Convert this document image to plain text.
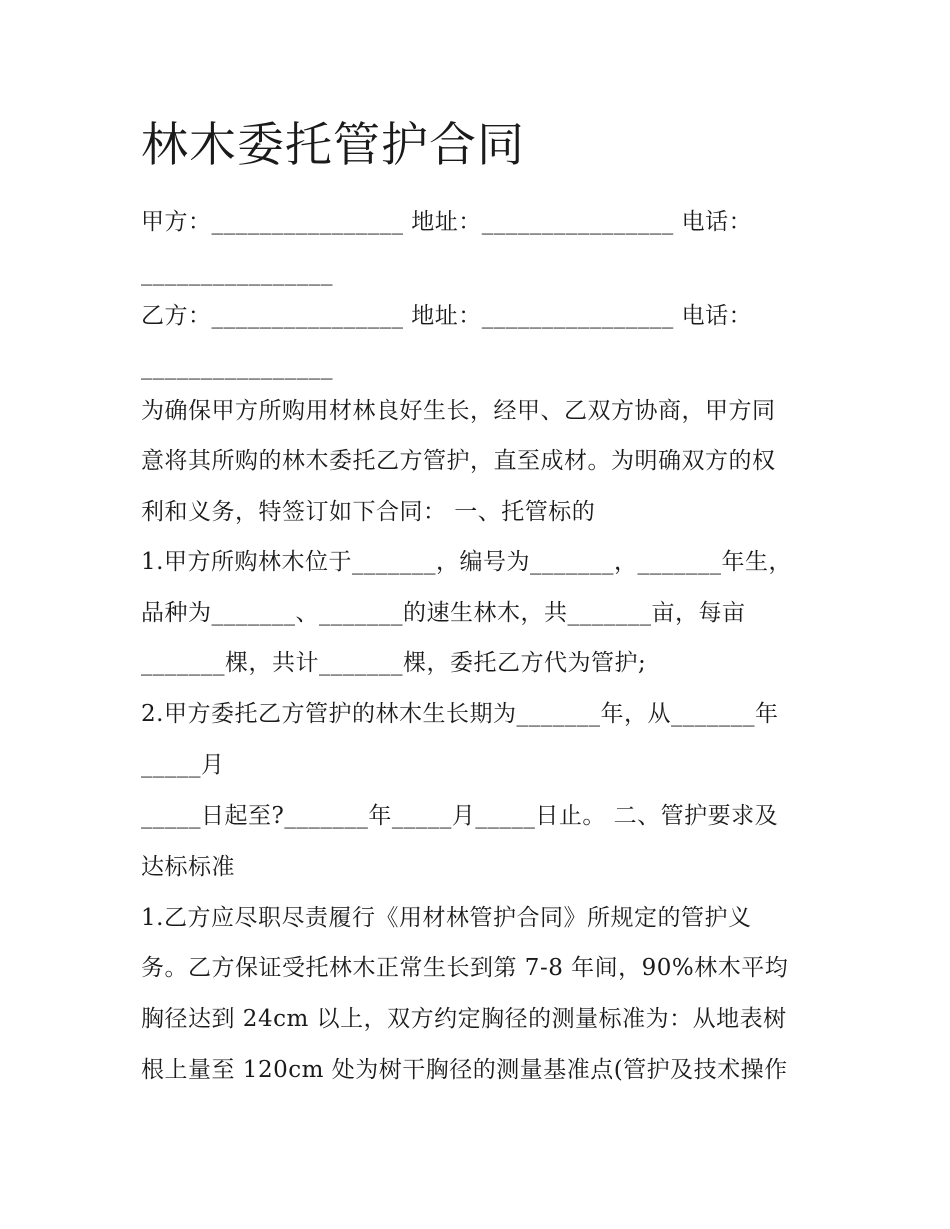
林木委托管护合同
甲方：________________ 地址：________________ 电话：
________________
乙方：________________ 地址：________________ 电话：
________________
为确保甲方所购用材林良好生长，经甲、乙双方协商，甲方同
意将其所购的林木委托乙方管护，直至成材。为明确双方的权
利和义务，特签订如下合同： 一、托管标的
1.甲方所购林木位于_______，编号为_______，_______年生，
品种为_______、_______的速生林木，共_______亩，每亩
_______棵，共计_______棵，委托乙方代为管护;
2.甲方委托乙方管护的林木生长期为_______年，从_______年
_____月
_____日起至?_______年_____月_____日止。 二、管护要求及
达标标准
1.乙方应尽职尽责履行《用材林管护合同》所规定的管护义
务。乙方保证受托林木正常生长到第 7-8 年间，90%林木平均
胸径达到 24cm 以上，双方约定胸径的测量标准为：从地表树
根上量至 120cm 处为树干胸径的测量基准点(管护及技术操作
